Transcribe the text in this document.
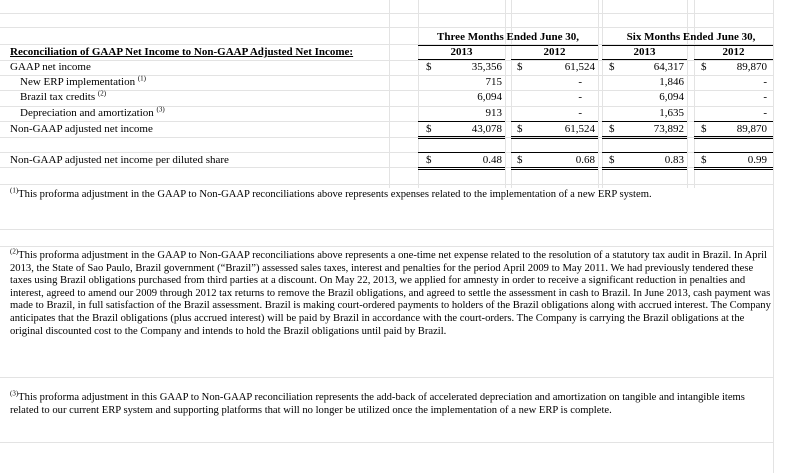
Three Months Ended June 30,	Six Months Ended June 30,
2013	2012	2013	2012
Reconciliation of GAAP Net Income to Non-GAAP Adjusted Net Income:
GAAP net income	$	35,356 $	61,524 $	64,317 $	89,870
New ERP implementation $^{(1)}$	715	-	1,846	-
Brazil tax credits $^{(2)}$	6,094	-	6,094	-
Depreciation and amortization $^{(3)}$	913	-	1,635	-
Non-GAAP adjusted net income	$	43,078 $	61,524 $	73,892 $	89,870
Non-GAAP adjusted net income per diluted share	$	0.48 $	0.68 $	0.83 $	0.99
$^{(1)}$This proforma adjustment in the GAAP to Non-GAAP reconciliations above represents expenses related to the implementation of a new ERP system.
$^{(2)}$This proforma adjustment in the GAAP to Non-GAAP reconciliations above represents a one-time net expense related to the resolution of a statutory tax audit in Brazil. In April 2013, the State of Sao Paulo, Brazil government (“Brazil”) assessed sales taxes, interest and penalties for the period April 2009 to May 2011. We had previously tendered these taxes using Brazil obligations purchased from third parties at a discount. On May 22, 2013, we applied for amnesty in order to receive a significant reduction in penalties and interest, agreed to amend our 2009 through 2012 tax returns to remove the Brazil obligations, and agreed to settle the assessment in cash to Brazil. In June 2013, cash payment was made to Brazil, in full satisfaction of the Brazil assessment. Brazil is making court-ordered payments to holders of the Brazil obligations along with accrued interest. The Company anticipates that the Brazil obligations (plus accrued interest) will be paid by Brazil in accordance with the court-orders. The Company is carrying the Brazil obligations at the original discounted cost to the Company and intends to hold the Brazil obligations until paid by Brazil.
$^{(3)}$This proforma adjustment in this GAAP to Non-GAAP reconciliation represents the add-back of accelerated depreciation and amortization on tangible and intangible items related to our current ERP system and supporting platforms that will no longer be utilized once the implementation of a new ERP is complete.
